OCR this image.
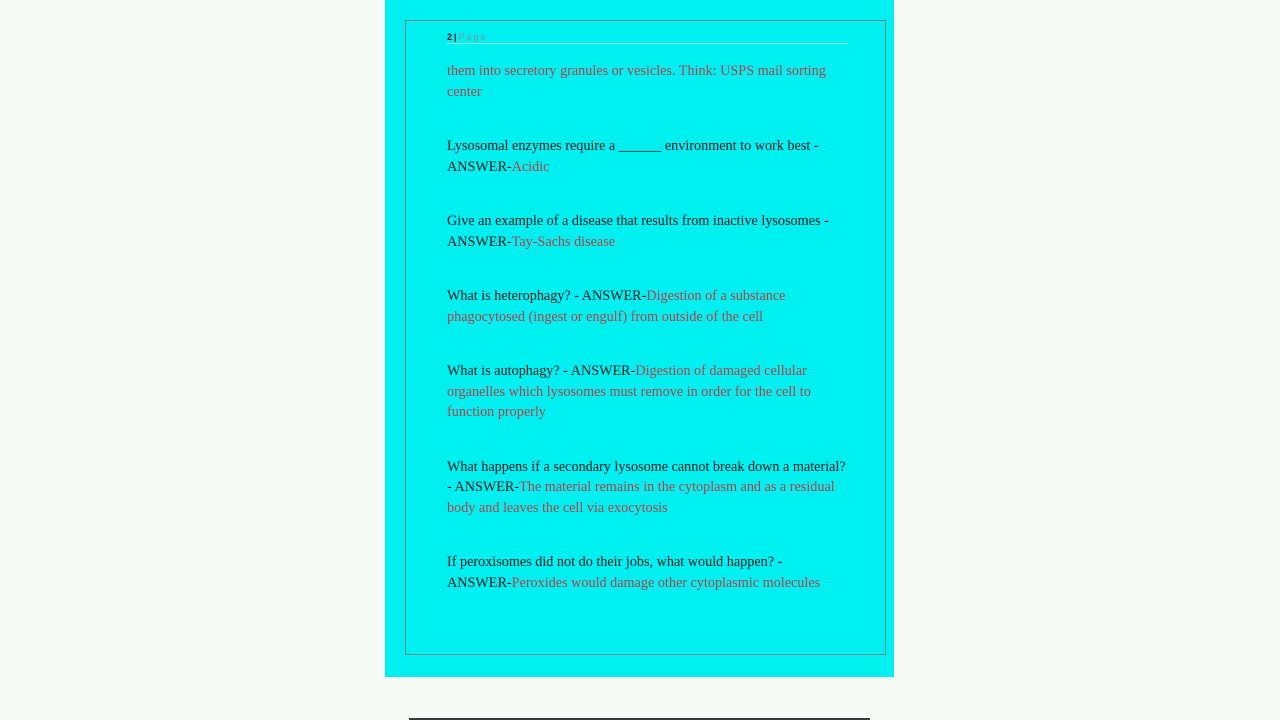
2 | Page

them into secretory granules or vesicles. Think: USPS mail sorting center

Lysosomal enzymes require a ______ environment to work best - ANSWER-Acidic

Give an example of a disease that results from inactive lysosomes - ANSWER-Tay-Sachs disease

What is heterophagy? - ANSWER-Digestion of a substance phagocytosed (ingest or engulf) from outside of the cell

What is autophagy? - ANSWER-Digestion of damaged cellular organelles which lysosomes must remove in order for the cell to function properly

What happens if a secondary lysosome cannot break down a material? - ANSWER-The material remains in the cytoplasm and as a residual body and leaves the cell via exocytosis

If peroxisomes did not do their jobs, what would happen? - ANSWER-Peroxides would damage other cytoplasmic molecules
